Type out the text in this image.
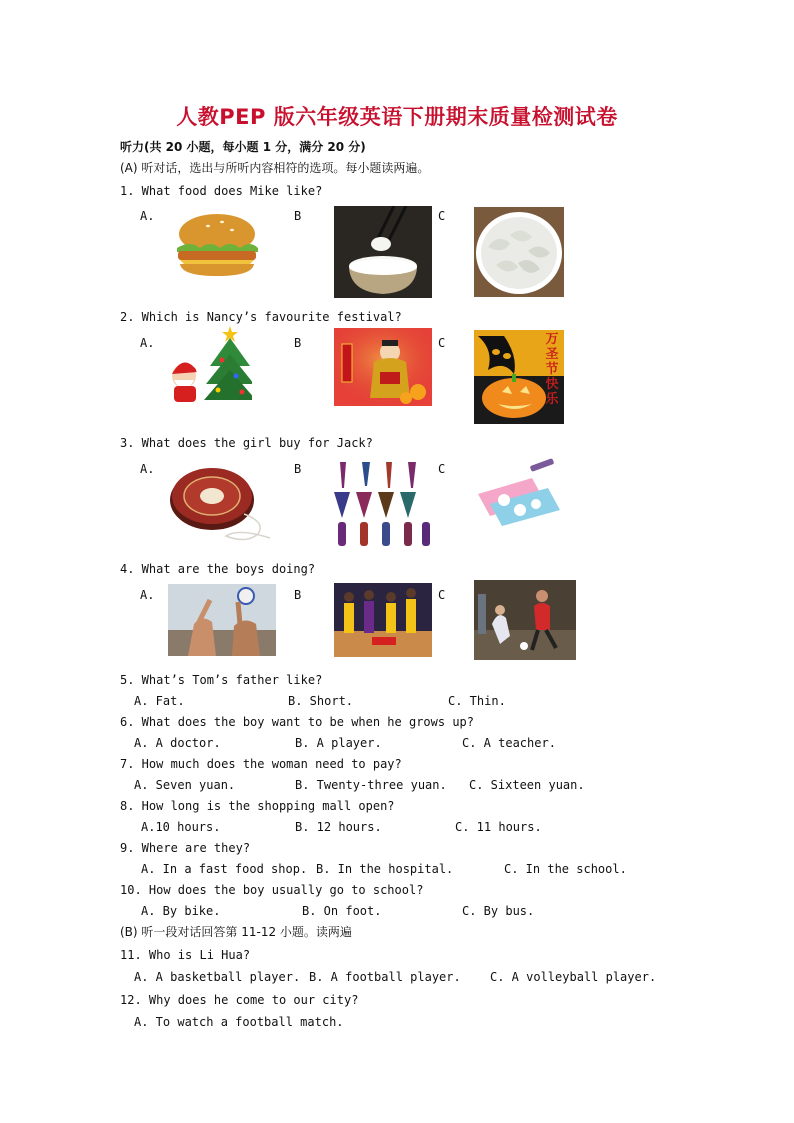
人教PEP 版六年级英语下册期末质量检测试卷
听力(共 20 小题，每小题 1 分，满分 20 分)
(A) 听对话，选出与所听内容相符的选项。每小题读两遍。
1. What food does Mike like?
A.	B	C
2. Which is Nancy’s favourite festival?
A.	B	C	万
圣
节
快
乐
3. What does the girl buy for Jack?
A.	B	C
4. What are the boys doing?
A.	B	C
5. What’s Tom’s father like?
A. Fat.	B. Short.	C. Thin.
6. What does the boy want to be when he grows up?
A. A doctor.	B. A player.	C. A teacher.
7. How much does the woman need to pay?
A. Seven yuan.	B. Twenty-three yuan. C. Sixteen yuan.
8. How long is the shopping mall open?
A.10 hours.	B. 12 hours.	C. 11 hours.
9. Where are they?
A. In a fast food shop. B. In the hospital.	C. In the school.
10. How does the boy usually go to school?
A. By bike.	B. On foot.	C. By bus.
(B) 听一段对话回答第 11-12 小题。读两遍
11. Who is Li Hua?
A. A basketball player. B. A football player. C. A volleyball player.
12. Why does he come to our city?
A. To watch a football match.
